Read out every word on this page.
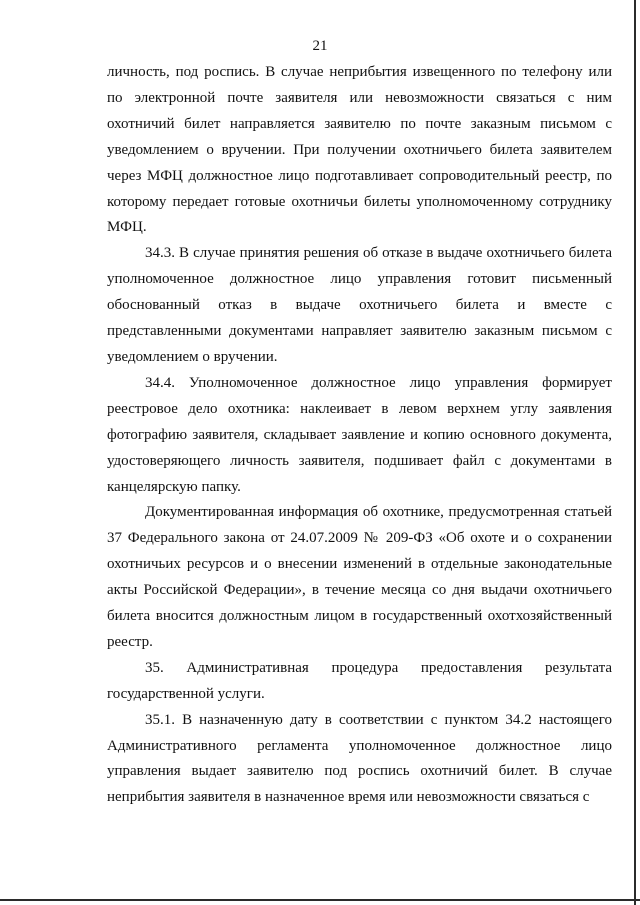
21

личность, под роспись. В случае неприбытия извещенного по телефону или по электронной почте заявителя или невозможности связаться с ним охотничий билет направляется заявителю по почте заказным письмом с уведомлением о вручении. При получении охотничьего билета заявителем через МФЦ должностное лицо подготавливает сопроводительный реестр, по которому передает готовые охотничьи билеты уполномоченному сотруднику МФЦ.

34.3. В случае принятия решения об отказе в выдаче охотничьего билета уполномоченное должностное лицо управления готовит письменный обоснованный отказ в выдаче охотничьего билета и вместе с представленными документами направляет заявителю заказным письмом с уведомлением о вручении.

34.4. Уполномоченное должностное лицо управления формирует реестровое дело охотника: наклеивает в левом верхнем углу заявления фотографию заявителя, складывает заявление и копию основного документа, удостоверяющего личность заявителя, подшивает файл с документами в канцелярскую папку.

Документированная информация об охотнике, предусмотренная статьей 37 Федерального закона от 24.07.2009 № 209-ФЗ «Об охоте и о сохранении охотничьих ресурсов и о внесении изменений в отдельные законодательные акты Российской Федерации», в течение месяца со дня выдачи охотничьего билета вносится должностным лицом в государственный охотхозяйственный реестр.

35. Административная процедура предоставления результата государственной услуги.

35.1. В назначенную дату в соответствии с пунктом 34.2 настоящего Административного регламента уполномоченное должностное лицо управления выдает заявителю под роспись охотничий билет. В случае неприбытия заявителя в назначенное время или невозможности связаться с
